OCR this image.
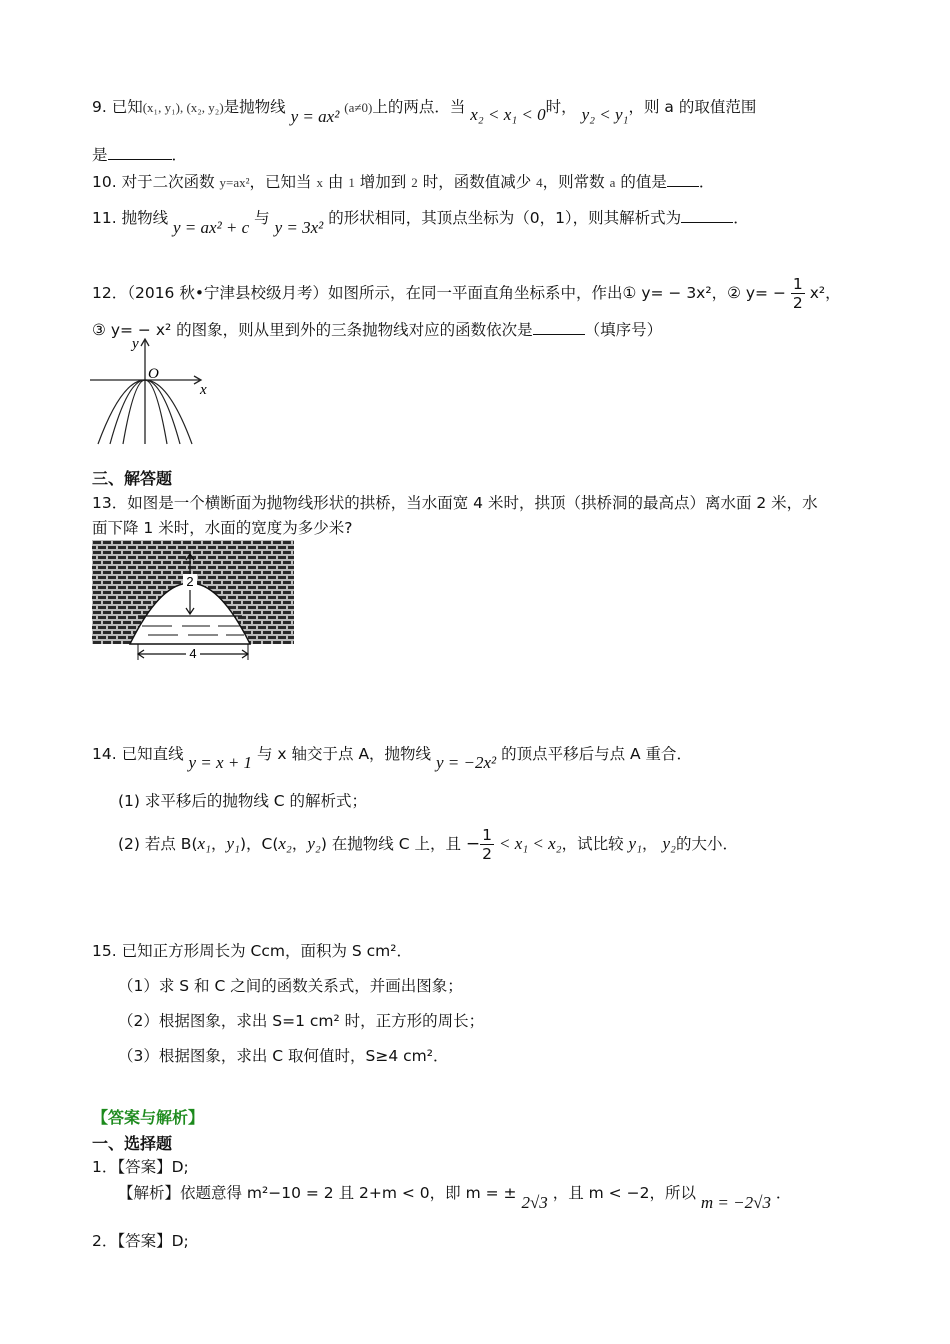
9. 已知(x₁, y₁), (x₂, y₂)是抛物线 y = ax² (a≠0)上的两点．当 x₂ < x₁ < 0时， y₂ < y₁，则 a 的取值范围
是	．
10. 对于二次函数 y=ax²，已知当 x 由 1 增加到 2 时，函数值减少 4，则常数 a 的值是 ．
11. 抛物线 y = ax² + c 与 y = 3x² 的形状相同，其顶点坐标为（0，1），则其解析式为	．
12．（2016 秋•宁津县校级月考）如图所示，在同一平面直角坐标系中，作出① y= − 3x²，② $y= - \frac{1}{2} x^2$，
③ y= − x² 的图象，则从里到外的三条抛物线对应的函数依次是	（填序号）
y
x
O
三、解答题
13．如图是一个横断面为抛物线形状的拱桥，当水面宽 4 米时，拱顶（拱桥洞的最高点）离水面 2 米，水
面下降 1 米时，水面的宽度为多少米?
2
4
14. 已知直线 y = x + 1 与 x 轴交于点 A，抛物线 y = −2x² 的顶点平移后与点 A 重合．
(1) 求平移后的抛物线 C 的解析式；
(2) 若点 B(x₁，y₁)，C(x₂，y₂) 在抛物线 C 上，且 − $\frac{1}{2} < x_1 < x_2$，试比较 y₁， y₂的大小．
15. 已知正方形周长为 Ccm，面积为 S cm²．
（1）求 S 和 C 之间的函数关系式，并画出图象；
（2）根据图象，求出 S=1 cm² 时，正方形的周长；
（3）根据图象，求出 C 取何值时，S≥4 cm²．
【答案与解析】
一、选择题
1．【答案】D;
【解析】依题意得 m²−10 = 2 且 2+m < 0，即 m = ± 2√3 ，且 m < −2，所以 m = −2√3 ．
2．【答案】D;
